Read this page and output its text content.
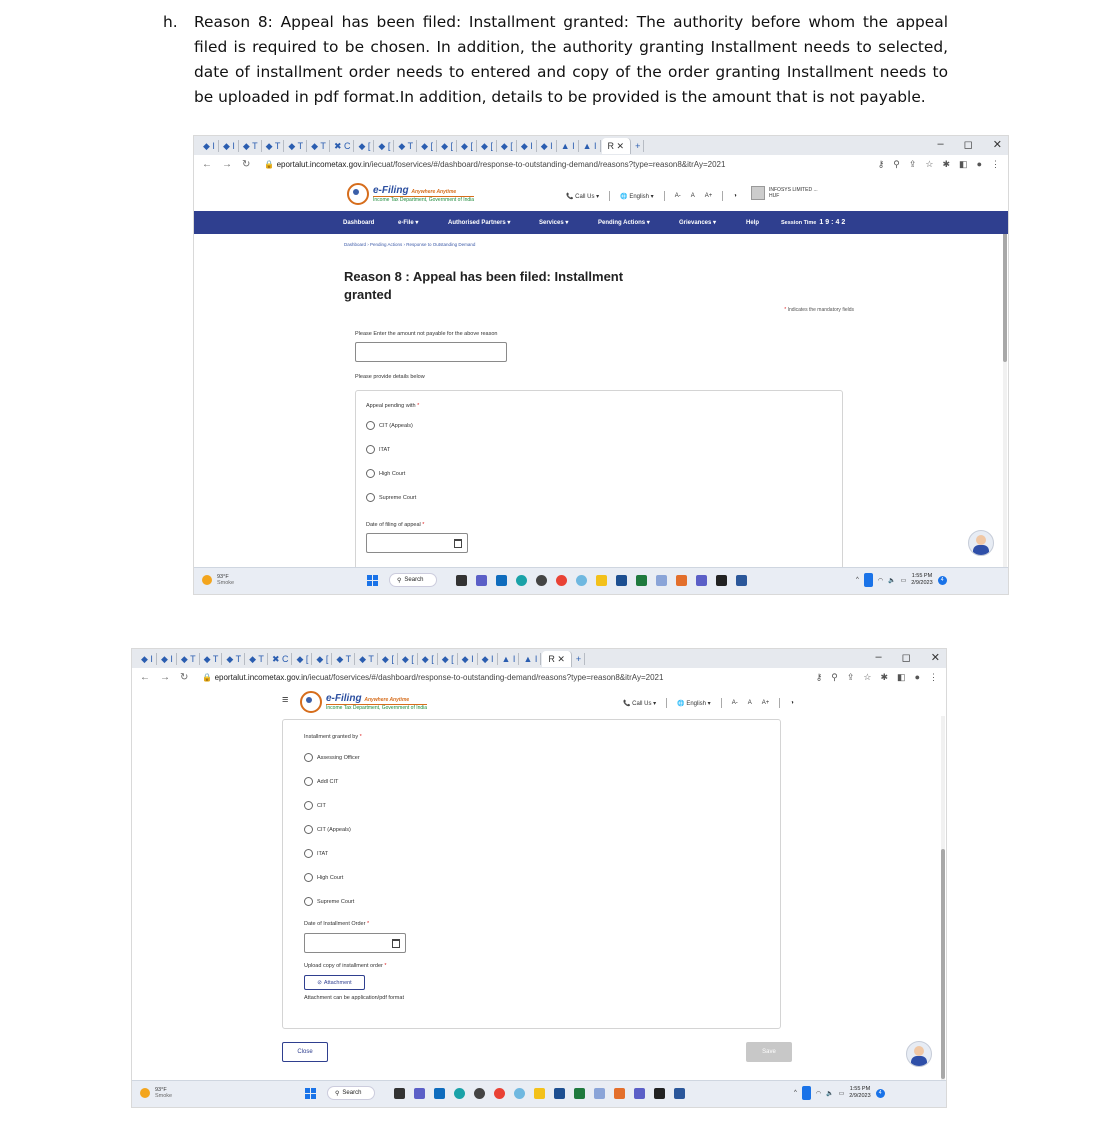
h. Reason 8: Appeal has been filed: Installment granted: The authority before whom the appeal filed is required to be chosen. In addition, the authority granting Installment needs to selected, date of installment order needs to entered and copy of the order granting Installment needs to be uploaded in pdf format.In addition, details to be provided is the amount that is not payable.
◆ I ◆ I ◆ T ◆ T ◆ T ◆ T ✖ C ◆ [ ◆ [ ◆ T ◆ [ ◆ [ ◆ [ ◆ [ ◆ [ ◆ I ◆ I ▲ I ▲ I	R ✕	+	– ◻ ✕
← → ↻	🔒 eportalut.incometax.gov.in/iecuat/foservices/#/dashboard/response-to-outstanding-demand/reasons?type=reason8&itrAy=2021	⚷ ⚲ ⇪ ☆ ✱ ◧ ● ⋮
e-Filing Anywhere Anytime
Income Tax Department, Government of India
📞 Call Us ▾	🌐 English ▾	A- A A+	◑
INFOSYS LIMITED ...
HUF
Dashboard	e-File ▾	Authorised Partners ▾	Services ▾	Pending Actions ▾	Grievances ▾	Help	Session Time 19:42
Dashboard › Pending Actions › Response to Outstanding Demand
Reason 8 : Appeal has been filed: Installment granted
* Indicates the mandatory fields
Please Enter the amount not payable for the above reason
Please provide details below
Appeal pending with *
CIT (Appeals)
ITAT
High Court
Supreme Court
Date of filing of appeal *
93°F
Smoke	⚲ Search	^	◠ 🔈 ▭
1:55 PM
2/9/2023	4
◆ I ◆ I ◆ T ◆ T ◆ T ◆ T ✖ C ◆ [ ◆ [ ◆ T ◆ T ◆ [ ◆ [ ◆ [ ◆ [ ◆ I ◆ I ▲ I ▲ I	R ✕	+	– ◻ ✕
← → ↻	🔒 eportalut.incometax.gov.in/iecuat/foservices/#/dashboard/response-to-outstanding-demand/reasons?type=reason8&itrAy=2021	⚷ ⚲ ⇪ ☆ ✱ ◧ ● ⋮
≡	e-Filing Anywhere Anytime
Income Tax Department, Government of India
📞 Call Us ▾	🌐 English ▾	A- A A+	◑
Installment granted by *
Assessing Officer
Addl CIT
CIT
CIT (Appeals)
ITAT
High Court
Supreme Court
Date of Installment Order *
Upload copy of installment order *
⊘ Attachment
Attachment can be application/pdf format
Close	Save
93°F
Smoke	⚲ Search	^	◠ 🔈 ▭
1:55 PM
2/9/2023	4
